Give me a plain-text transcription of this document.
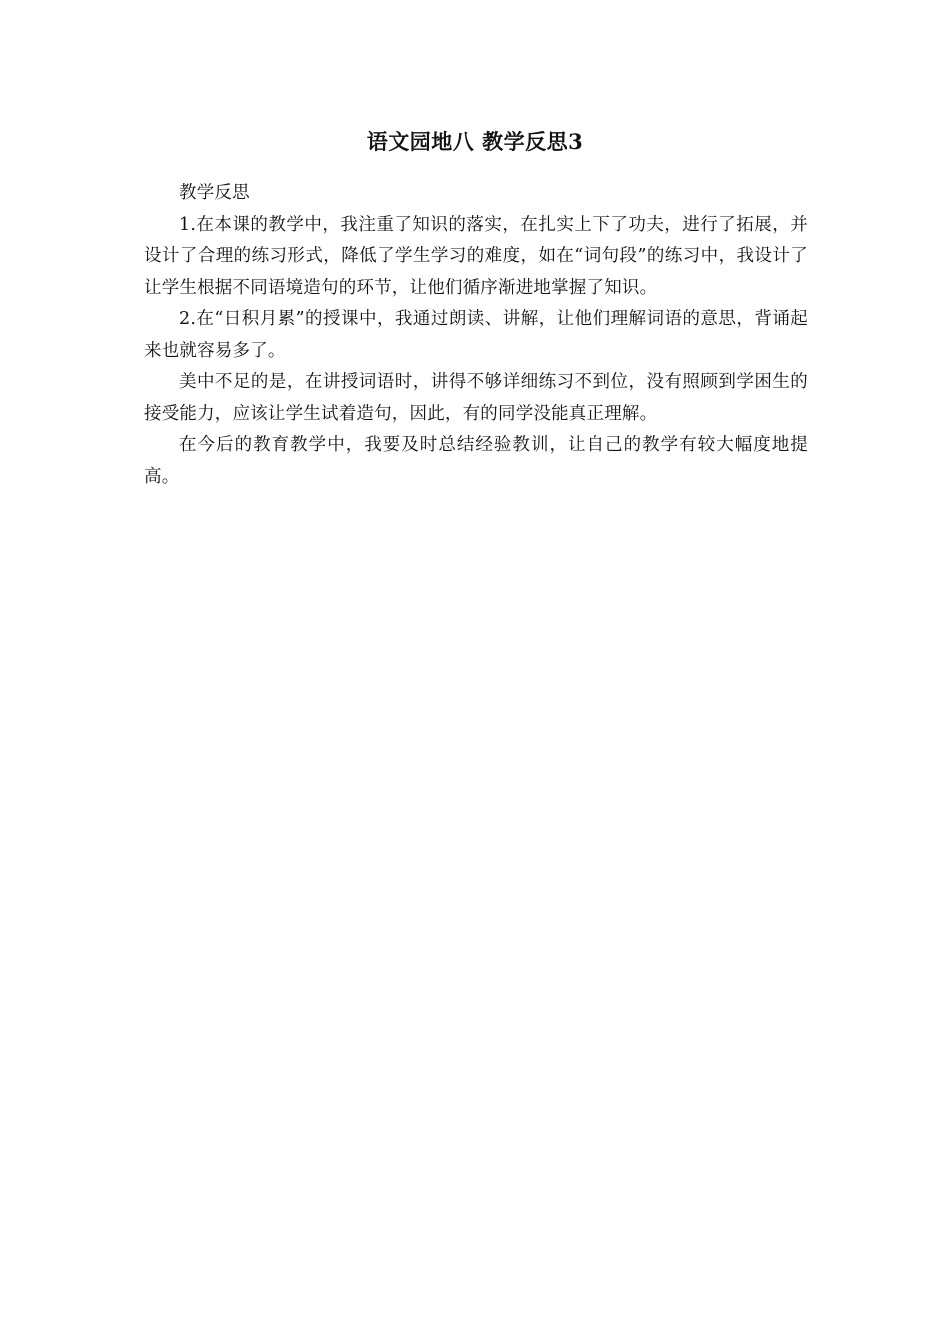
语文园地八 教学反思3

教学反思

1.在本课的教学中，我注重了知识的落实，在扎实上下了功夫，进行了拓展，并设计了合理的练习形式，降低了学生学习的难度，如在“词句段”的练习中，我设计了让学生根据不同语境造句的环节，让他们循序渐进地掌握了知识。

2.在“日积月累”的授课中，我通过朗读、讲解，让他们理解词语的意思，背诵起来也就容易多了。

美中不足的是，在讲授词语时，讲得不够详细练习不到位，没有照顾到学困生的接受能力，应该让学生试着造句，因此，有的同学没能真正理解。

在今后的教育教学中，我要及时总结经验教训，让自己的教学有较大幅度地提高。
